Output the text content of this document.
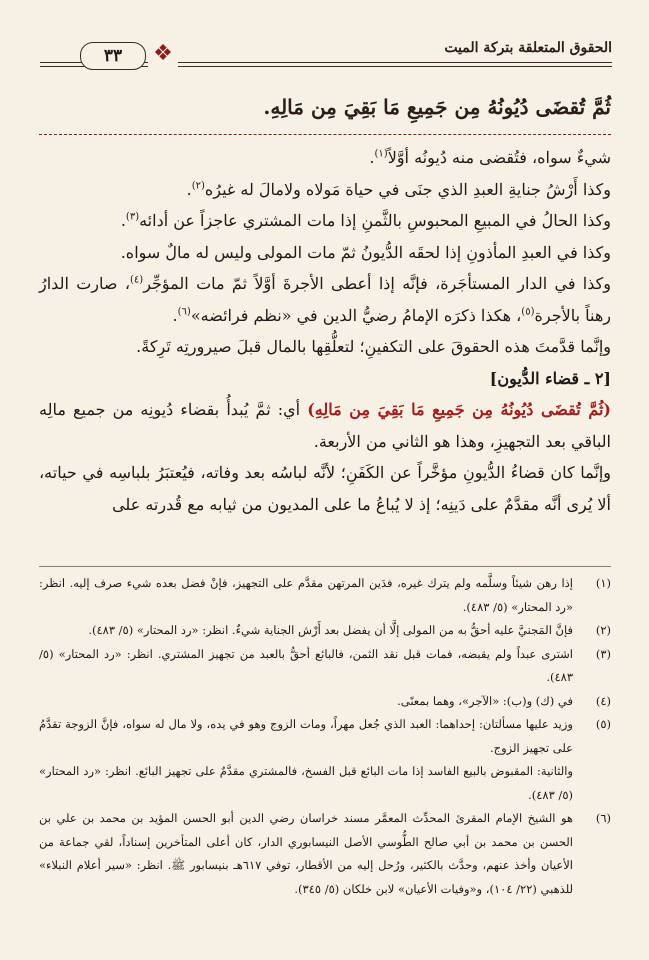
الحقوق المتعلقة بتركة الميت
❖
٣٣
ثُمَّ تُقضَى دُيُونُهُ مِن جَمِيعِ مَا بَقِيَ مِن مَالِهِ.

شيءٌ سواه، فتُقضى منه دُيونُه أوَّلاً$^{(١)}$.

وكذا أَرْشُ جنايةِ العبدِ الذي جنَى في حياة مَولاه ولامالَ له غيرُه$^{(٢)}$.

وكذا الحالُ في المبيعِ المحبوسِ بالثَّمنِ إذا مات المشتري عاجزاً عن أدائه$^{(٣)}$.

وكذا في العبدِ المأذونِ إذا لحقَه الدُّيونُ ثمّ مات المولى وليس له مالٌ سواه.

وكذا في الدار المستأجَرة، فإنَّه إذا أعطى الأجرةَ أوَّلاً ثمّ مات المؤجِّر$^{(٤)}$، صارت الدارُ رهناً بالأجرة$^{(٥)}$، هكذا ذكرَه الإمامُ رضيُّ الدين في «نظم فرائضه»$^{(٦)}$.

وإنَّما قدَّمتَ هذه الحقوقَ على التكفينِ؛ لتعلُّقِها بالمال قبلَ صيرورتِه تَرِكةً.

[٢ ـ قضاء الدُّيون]

(ثُمَّ تُقضَى دُيُونُهُ مِن جَمِيعِ مَا بَقِيَ مِن مَالِهِ) أي: ثمَّ يُبدأُ بقضاء دُيونِه من جميع مالِه الباقي بعد التجهيزِ، وهذا هو الثاني من الأربعة.

وإنَّما كان قضاءُ الدُّيونِ مؤخَّراً عن الكَفَنِ؛ لأنَّه لباسُه بعد وفاته، فيُعتبَرُ بلباسِه في حياته، ألا يُرى أنَّه مقدَّمٌ على دَينِه؛ إذ لا يُباعُ ما على المديون من ثيابه مع قُدرته على

(١)
إذا رهن شيئاً وسلَّمه ولم يترك غيره، فدَين المرتهن مقدَّم على التجهيز، فإنْ فضل بعده شيء صرف إليه. انظر: «رد المحتار» (٥/ ٤٨٣).

(٢)
فإنَّ المَجنيَّ عليه أحقُّ به من المولى إلَّا أن يفضل بعد أَرْش الجناية شيءٌ. انظر: «رد المحتار» (٥/ ٤٨٣).

(٣)
اشترى عبداً ولم يقبضه، فمات قبل نقد الثمن، فالبائع أحقُّ بالعبد من تجهيز المشتري. انظر: «رد المحتار» (٥/ ٤٨٣).

(٤)
في (ك) و(ب): «الآجر»، وهما بمعنًى.

(٥)
وزيد عليها مسألتان: إحداهما: العبد الذي جُعل مهراً، ومات الزوج وهو في يده، ولا مال له سواه، فإنَّ الزوجة تقدَّمُ على تجهيز الزوج.

والثانية: المقبوض بالبيع الفاسد إذا مات البائع قبل الفسخ، فالمشتري مقدَّمٌ على تجهيز البائع. انظر: «رد المحتار» (٥/ ٤٨٣).

(٦)
هو الشيخ الإمام المقرئ المحدِّث المعمَّر مسند خراسان رضي الدين أبو الحسن المؤيد بن محمد بن علي بن الحسن بن محمد بن أبي صالح الطُّوسي الأصل النيسابوري الدار، كان أعلى المتأخرين إسناداً، لقي جماعة من الأعيان وأخذ عنهم، وحدَّث بالكثير، ورُحل إليه من الأقطار، توفي ٦١٧هـ بنيسابور ﷺ. انظر: «سير أعلام النبلاء» للذهبي (٢٢/ ١٠٤)، و«وفيات الأعيان» لابن خلكان (٥/ ٣٤٥).
